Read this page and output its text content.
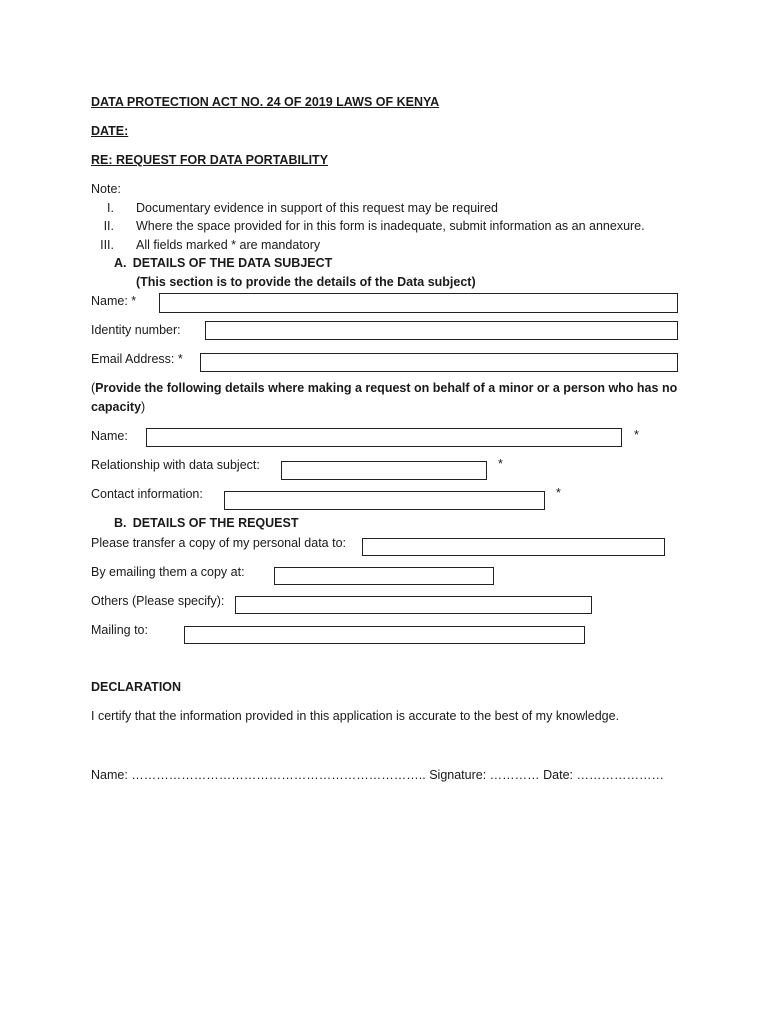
DATA PROTECTION ACT NO. 24 OF 2019 LAWS OF KENYA
DATE:
RE: REQUEST FOR DATA PORTABILITY
Note:
I. Documentary evidence in support of this request may be required
II. Where the space provided for in this form is inadequate, submit information as an annexure.
III. All fields marked * are mandatory
A. DETAILS OF THE DATA SUBJECT
(This section is to provide the details of the Data subject)
Name: *
Identity number:
Email Address: *
(Provide the following details where making a request on behalf of a minor or a person who has no
capacity)
Name:	*
Relationship with data subject:	*
Contact information:	*
B. DETAILS OF THE REQUEST
Please transfer a copy of my personal data to:
By emailing them a copy at:
Others (Please specify):
Mailing to:
DECLARATION
I certify that the information provided in this application is accurate to the best of my knowledge.
Name: …………………………………………………………….. Signature: ………… Date: …………………
